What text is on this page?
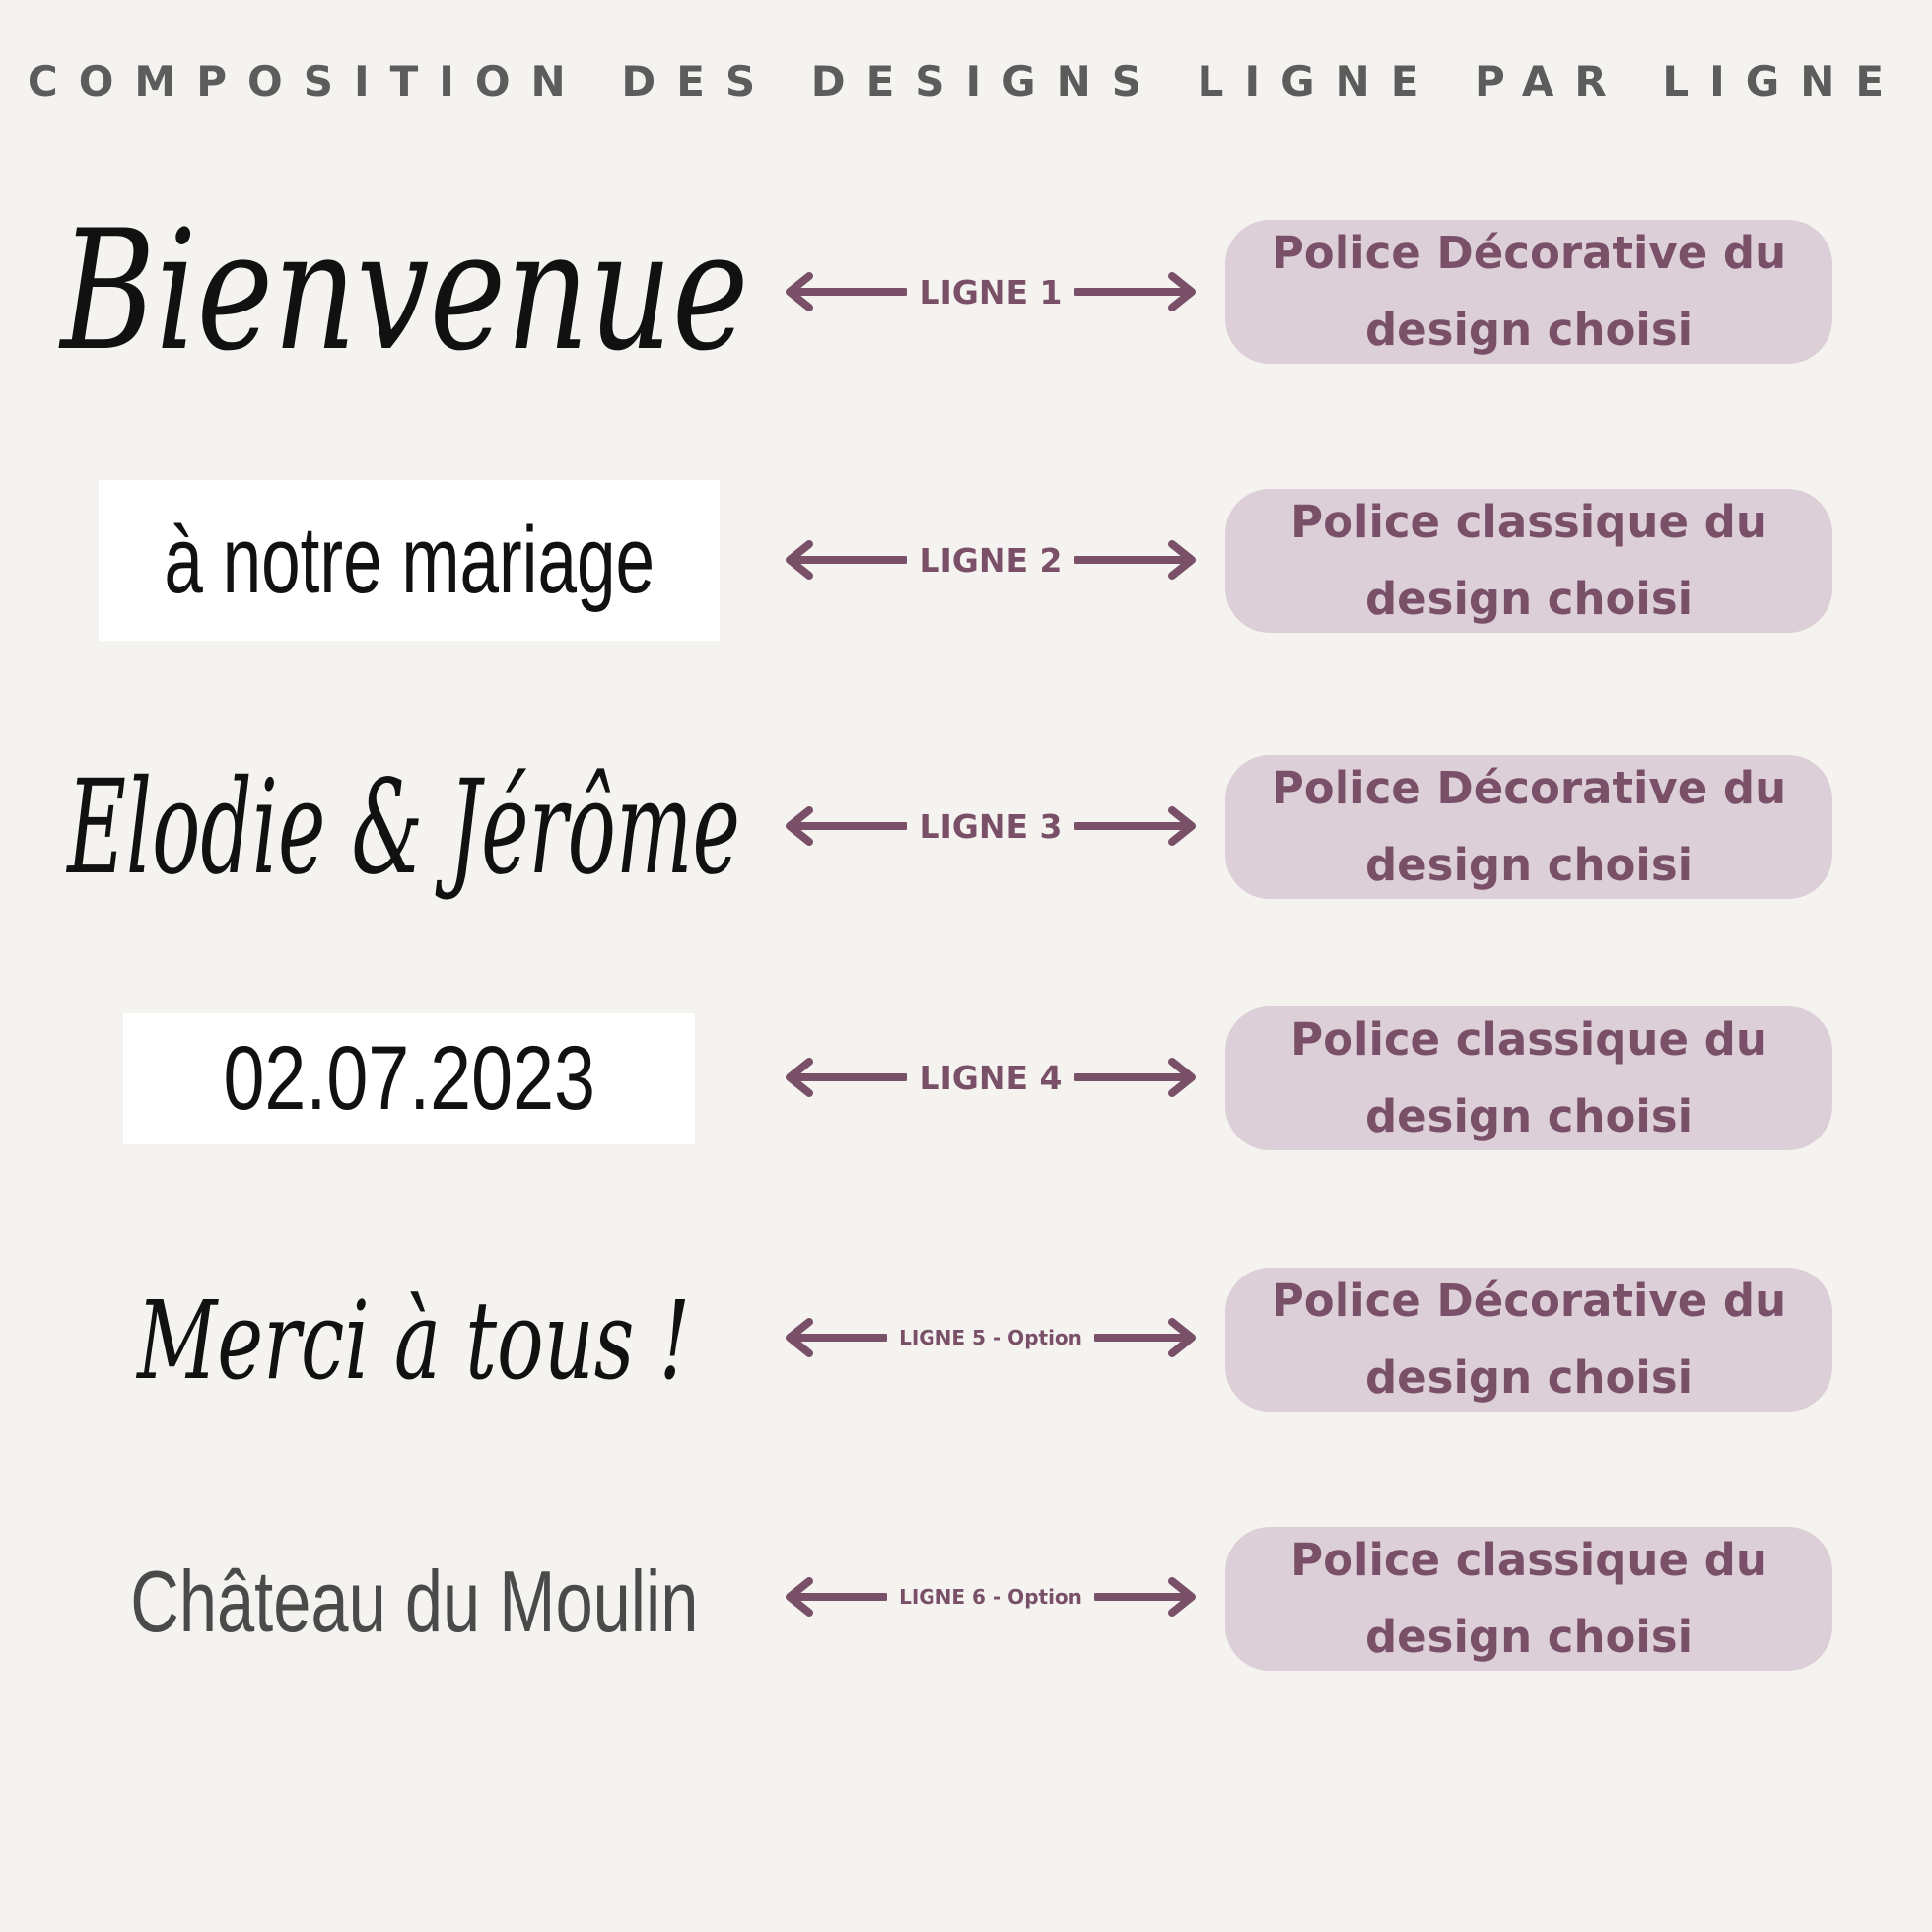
COMPOSITION DES DESIGNS LIGNE PAR LIGNE
Bienvenue	LIGNE 1
Police Décorative du
design choisi
à notre mariage	LIGNE 2
Police classique du
design choisi
Elodie & Jérôme	LIGNE 3
Police Décorative du
design choisi
02.07.2023	LIGNE 4
Police classique du
design choisi
Merci à tous !	LIGNE 5 - Option
Police Décorative du
design choisi
Château du Moulin	LIGNE 6 - Option
Police classique du
design choisi
